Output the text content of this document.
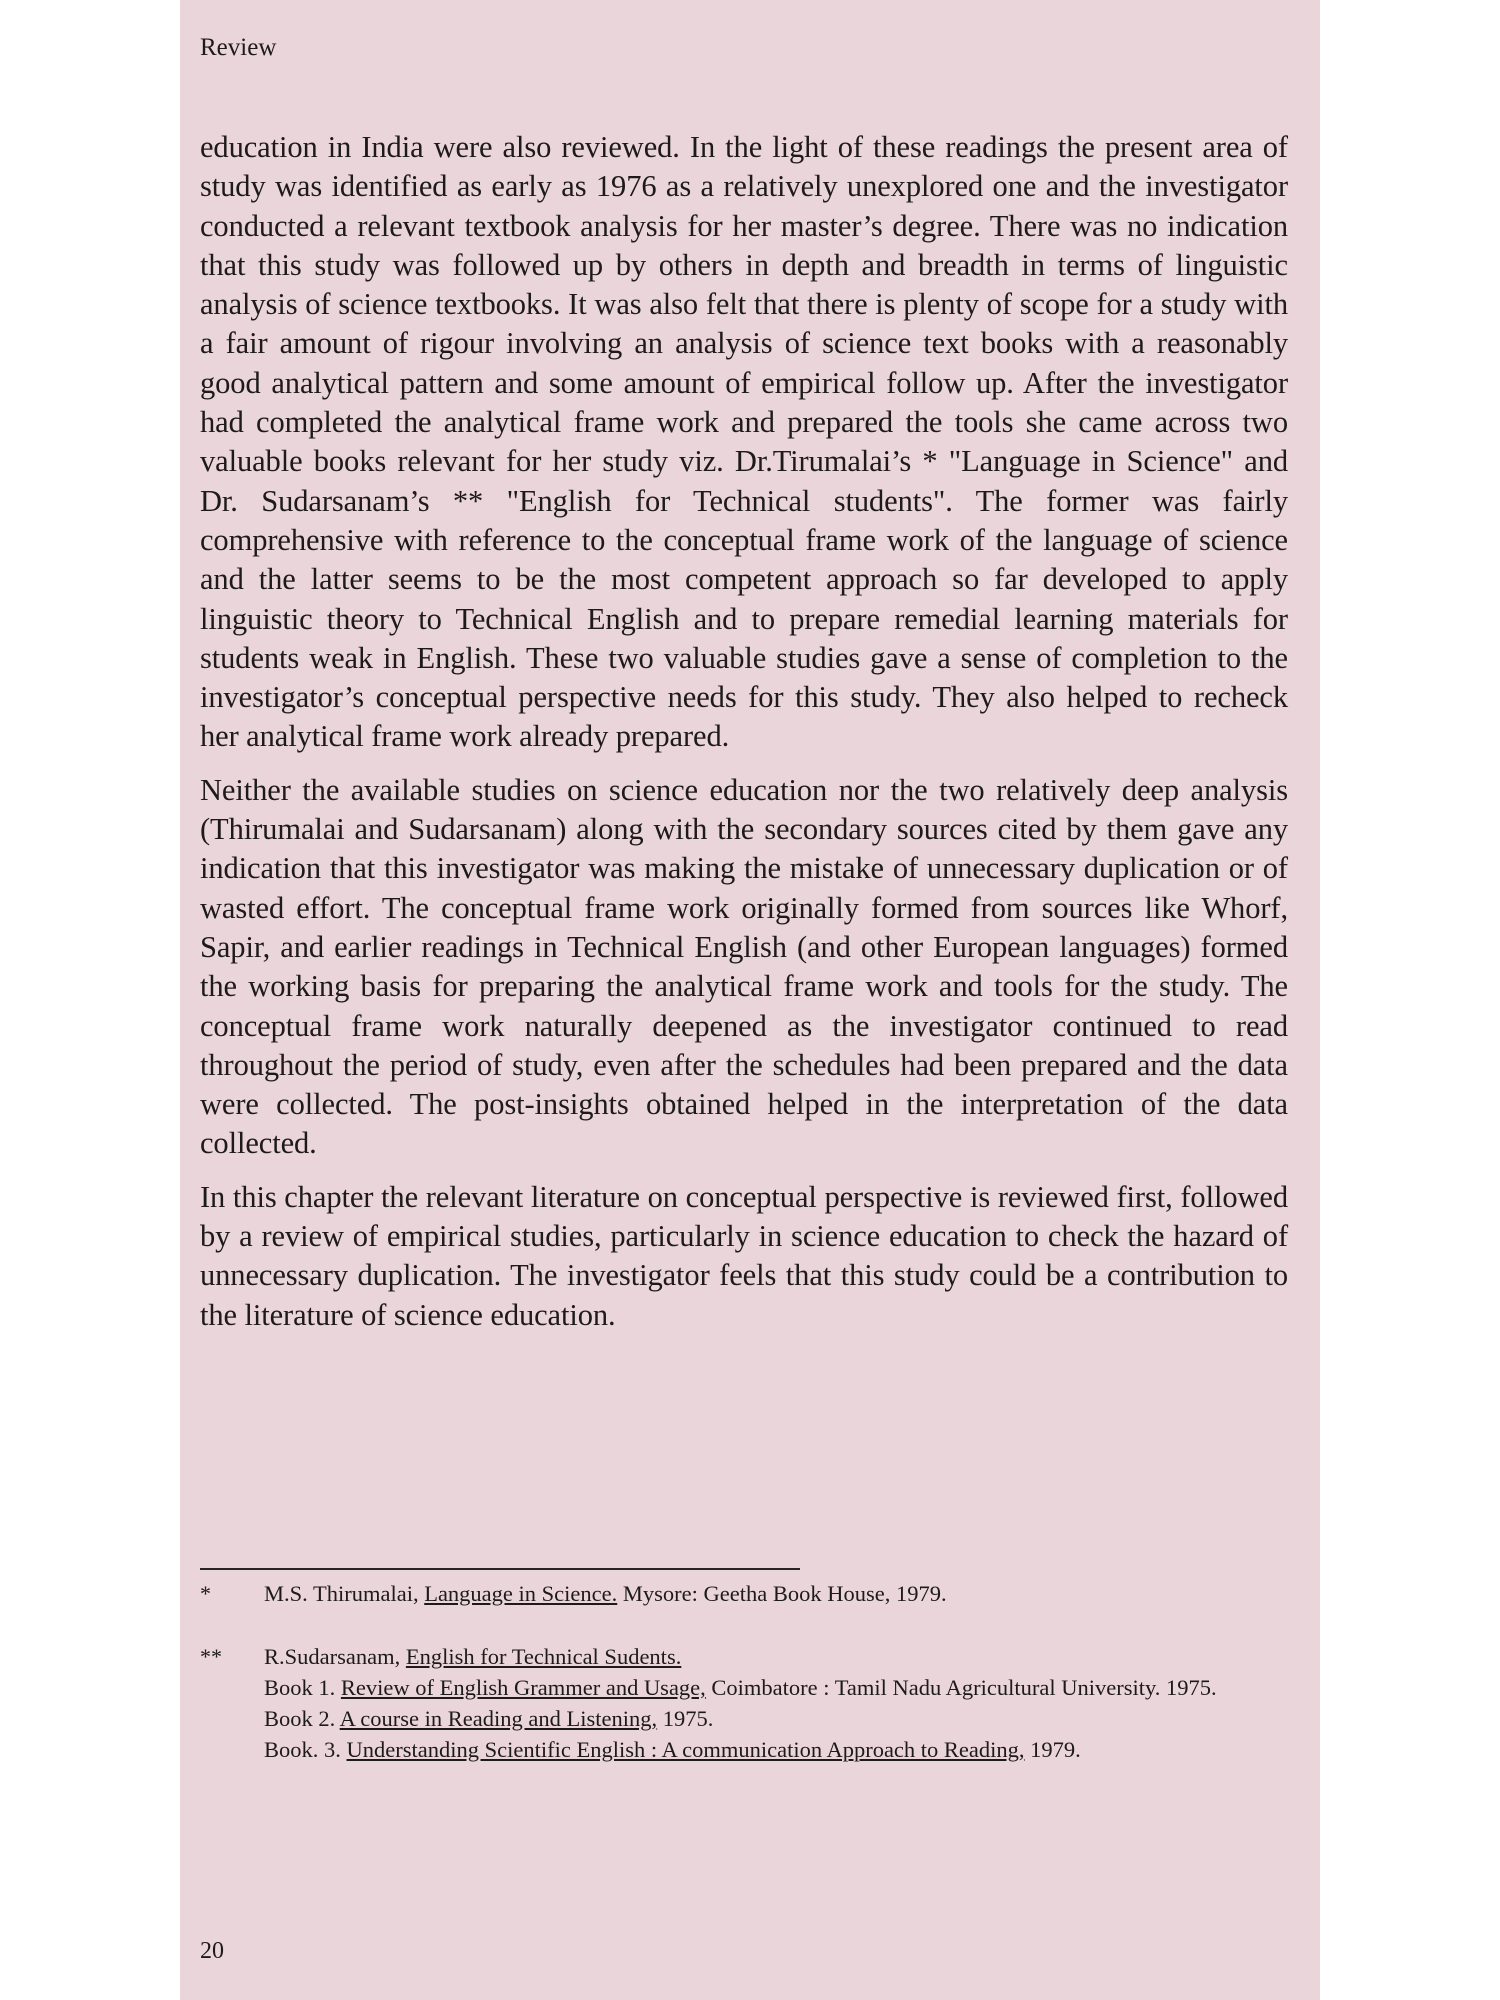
Review

education in India were also reviewed. In the light of these readings the present area of study was identified as early as 1976 as a relatively unexplored one and the investigator conducted a relevant textbook analysis for her master’s degree. There was no indication that this study was followed up by others in depth and breadth in terms of linguistic analysis of science textbooks. It was also felt that there is plenty of scope for a study with a fair amount of rigour involving an analysis of science text books with a reasonably good analytical pattern and some amount of empirical follow up. After the investigator had completed the analytical frame work and prepared the tools she came across two valuable books relevant for her study viz. Dr.Tirumalai’s * "Language in Science" and Dr. Sudarsanam’s ** "English for Technical students". The former was fairly comprehensive with reference to the conceptual frame work of the language of science and the latter seems to be the most competent approach so far developed to apply linguistic theory to Technical English and to prepare remedial learning materials for students weak in English. These two valuable studies gave a sense of completion to the investigator’s conceptual perspective needs for this study. They also helped to recheck her analytical frame work already prepared.

Neither the available studies on science education nor the two relatively deep analysis (Thirumalai and Sudarsanam) along with the secondary sources cited by them gave any indication that this investigator was making the mistake of unnecessary duplication or of wasted effort. The conceptual frame work originally formed from sources like Whorf, Sapir, and earlier readings in Technical English (and other European languages) formed the working basis for preparing the analytical frame work and tools for the study. The conceptual frame work naturally deepened as the investigator continued to read throughout the period of study, even after the schedules had been prepared and the data were collected. The post-insights obtained helped in the interpretation of the data collected.

In this chapter the relevant literature on conceptual perspective is reviewed first, followed by a review of empirical studies, particularly in science education to check the hazard of unnecessary duplication. The investigator feels that this study could be a contribution to the literature of science education.

* M.S. Thirumalai, Language in Science. Mysore: Geetha Book House, 1979.
** R.Sudarsanam, English for Technical Sudents.
Book 1. Review of English Grammer and Usage, Coimbatore : Tamil Nadu Agricultural University. 1975.
Book 2. A course in Reading and Listening, 1975.
Book. 3. Understanding Scientific English : A communication Approach to Reading, 1979.
20
